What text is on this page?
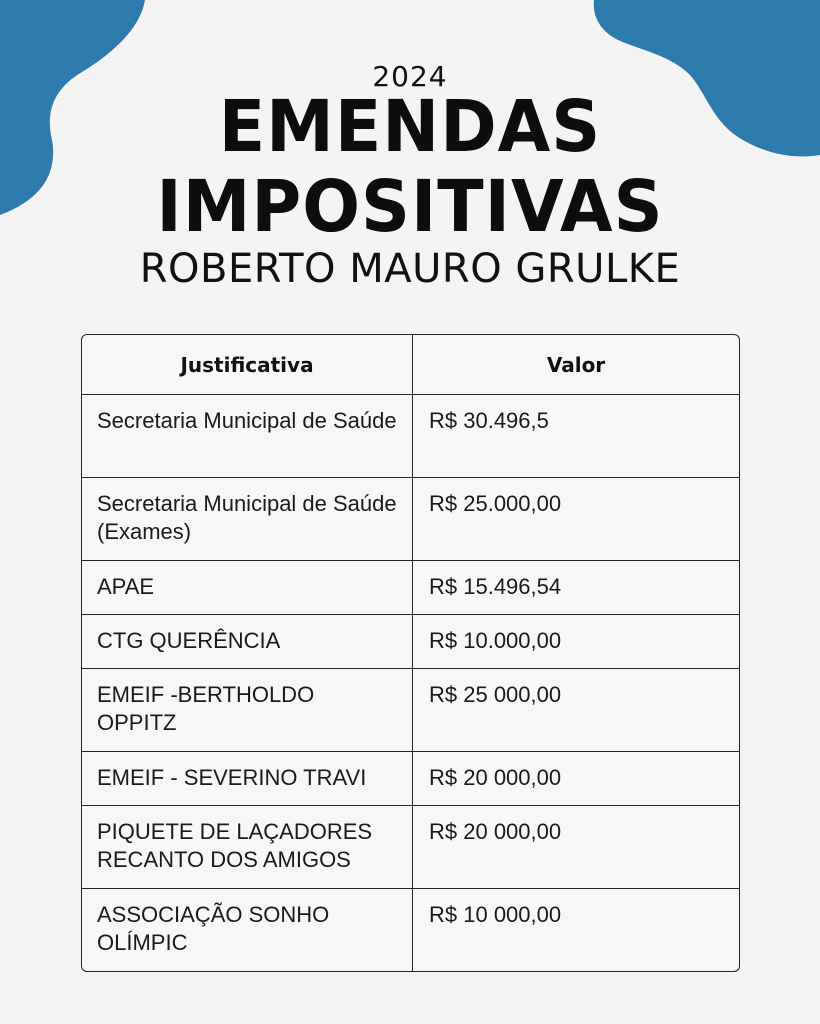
2024
EMENDAS
IMPOSITIVAS
ROBERTO MAURO GRULKE
Justificativa	Valor
Secretaria Municipal de Saúde	R$ 30.496,5
Secretaria Municipal de Saúde (Exames)	R$ 25.000,00
APAE	R$ 15.496,54
CTG QUERÊNCIA	R$ 10.000,00
EMEIF -BERTHOLDO OPPITZ	R$ 25 000,00
EMEIF - SEVERINO TRAVI	R$ 20 000,00
PIQUETE DE LAÇADORES RECANTO DOS AMIGOS	R$ 20 000,00
ASSOCIAÇÃO SONHO OLÍMPIC	R$ 10 000,00
